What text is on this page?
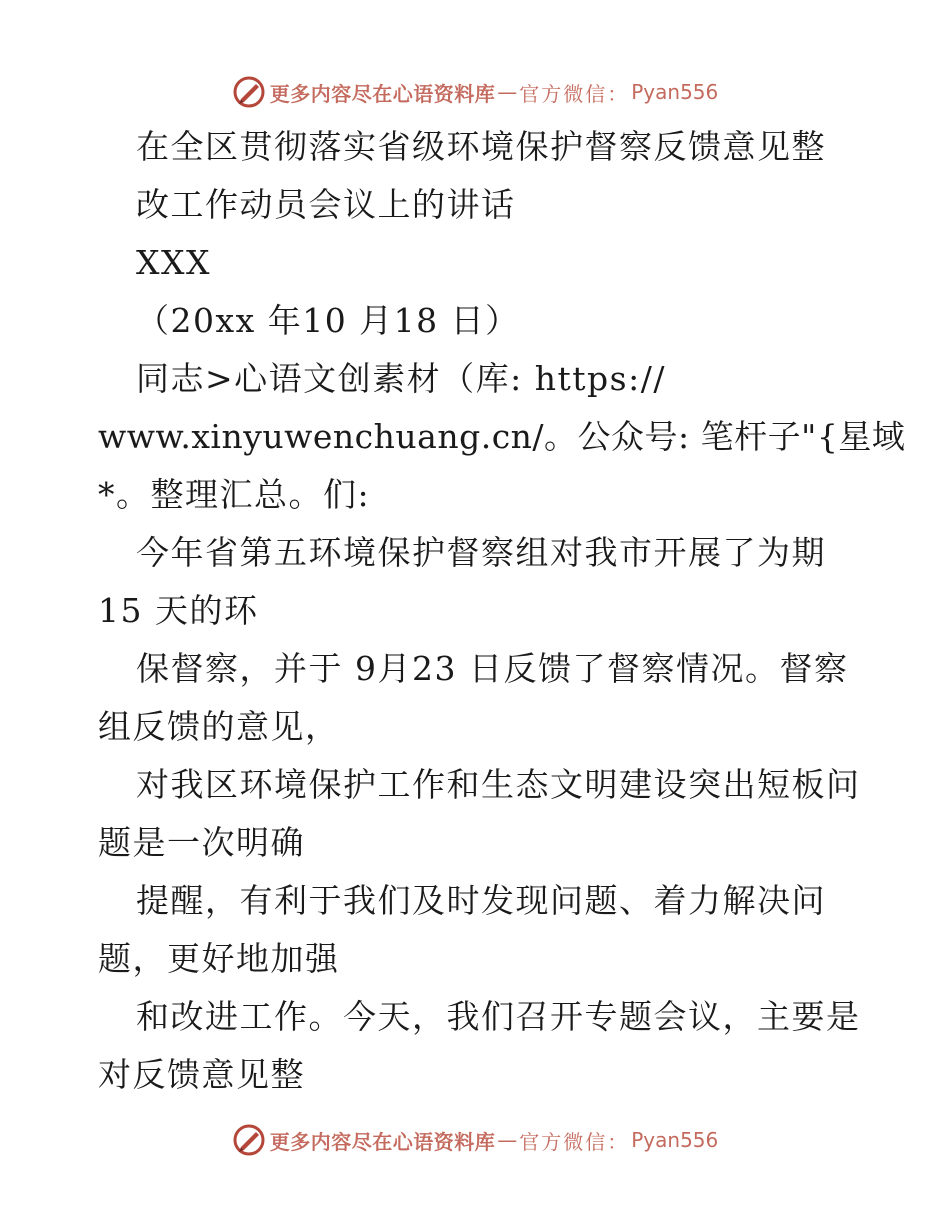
更多内容尽在心语资料库 — 官方微信： Pyan556
在全区贯彻落实省级环境保护督察反馈意见整
改工作动员会议上的讲话
XXX
（20xx 年10 月18 日）
同志>心语文创素材（库: https://
www.xinyuwenchuang.cn/。公众号: 笔杆子"{星域
*。整理汇总。们:
今年省第五环境保护督察组对我市开展了为期
15 天的环
保督察，并于 9月23 日反馈了督察情况。督察
组反馈的意见，
对我区环境保护工作和生态文明建设突出短板问
题是一次明确
提醒，有利于我们及时发现问题、着力解决问
题，更好地加强
和改进工作。今天，我们召开专题会议，主要是
对反馈意见整
更多内容尽在心语资料库 — 官方微信： Pyan556
